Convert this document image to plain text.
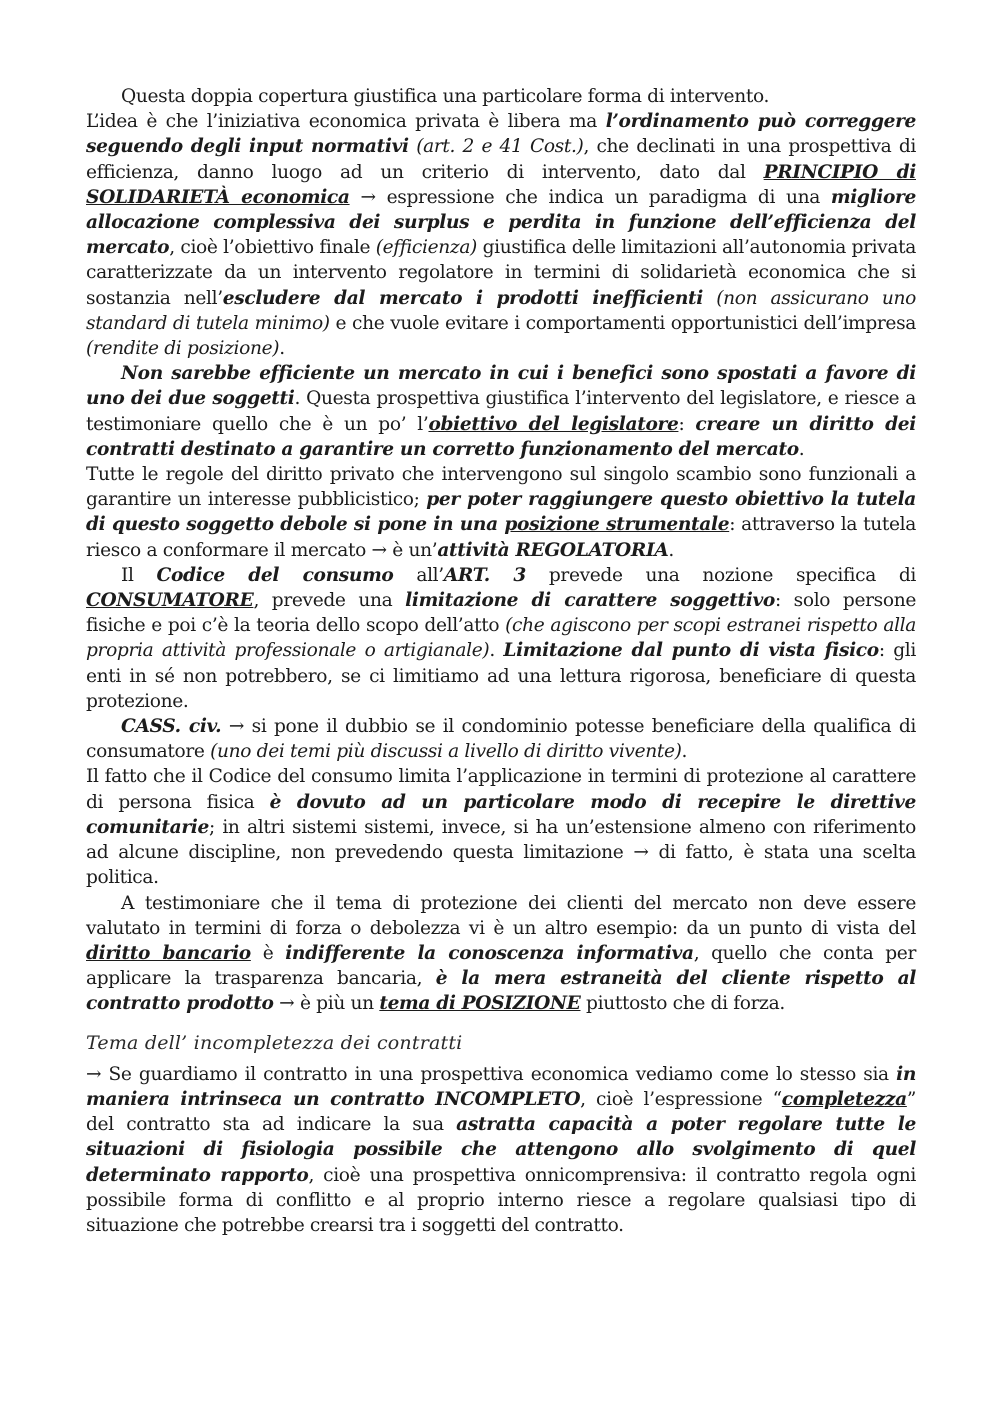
Questa doppia copertura giustifica una particolare forma di intervento.

L’idea è che l’iniziativa economica privata è libera ma l’ordinamento può correggere seguendo degli input normativi (art. 2 e 41 Cost.), che declinati in una prospettiva di efficienza, danno luogo ad un criterio di intervento, dato dal PRINCIPIO di SOLIDARIETÀ economica → espressione che indica un paradigma di una migliore allocazione complessiva dei surplus e perdita in funzione dell’efficienza del mercato, cioè l’obiettivo finale (efficienza) giustifica delle limitazioni all’autonomia privata caratterizzate da un intervento regolatore in termini di solidarietà economica che si sostanzia nell’escludere dal mercato i prodotti inefficienti (non assicurano uno standard di tutela minimo) e che vuole evitare i comportamenti opportunistici dell’impresa (rendite di posizione).

Non sarebbe efficiente un mercato in cui i benefici sono spostati a favore di uno dei due soggetti. Questa prospettiva giustifica l’intervento del legislatore, e riesce a testimoniare quello che è un po’ l’obiettivo del legislatore: creare un diritto dei contratti destinato a garantire un corretto funzionamento del mercato.

Tutte le regole del diritto privato che intervengono sul singolo scambio sono funzionali a garantire un interesse pubblicistico; per poter raggiungere questo obiettivo la tutela di questo soggetto debole si pone in una posizione strumentale: attraverso la tutela riesco a conformare il mercato → è un’attività REGOLATORIA.

Il Codice del consumo all’ART. 3 prevede una nozione specifica di CONSUMATORE, prevede una limitazione di carattere soggettivo: solo persone fisiche e poi c’è la teoria dello scopo dell’atto (che agiscono per scopi estranei rispetto alla propria attività professionale o artigianale). Limitazione dal punto di vista fisico: gli enti in sé non potrebbero, se ci limitiamo ad una lettura rigorosa, beneficiare di questa protezione.

CASS. civ. → si pone il dubbio se il condominio potesse beneficiare della qualifica di consumatore (uno dei temi più discussi a livello di diritto vivente).

Il fatto che il Codice del consumo limita l’applicazione in termini di protezione al carattere di persona fisica è dovuto ad un particolare modo di recepire le direttive comunitarie; in altri sistemi sistemi, invece, si ha un’estensione almeno con riferimento ad alcune discipline, non prevedendo questa limitazione → di fatto, è stata una scelta politica.

A testimoniare che il tema di protezione dei clienti del mercato non deve essere valutato in termini di forza o debolezza vi è un altro esempio: da un punto di vista del diritto bancario è indifferente la conoscenza informativa, quello che conta per applicare la trasparenza bancaria, è la mera estraneità del cliente rispetto al contratto prodotto → è più un tema di POSIZIONE piuttosto che di forza.

Tema dell’ incompletezza dei contratti

→ Se guardiamo il contratto in una prospettiva economica vediamo come lo stesso sia in maniera intrinseca un contratto INCOMPLETO, cioè l’espressione “completezza” del contratto sta ad indicare la sua astratta capacità a poter regolare tutte le situazioni di fisiologia possibile che attengono allo svolgimento di quel determinato rapporto, cioè una prospettiva onnicomprensiva: il contratto regola ogni possibile forma di conflitto e al proprio interno riesce a regolare qualsiasi tipo di situazione che potrebbe crearsi tra i soggetti del contratto.
